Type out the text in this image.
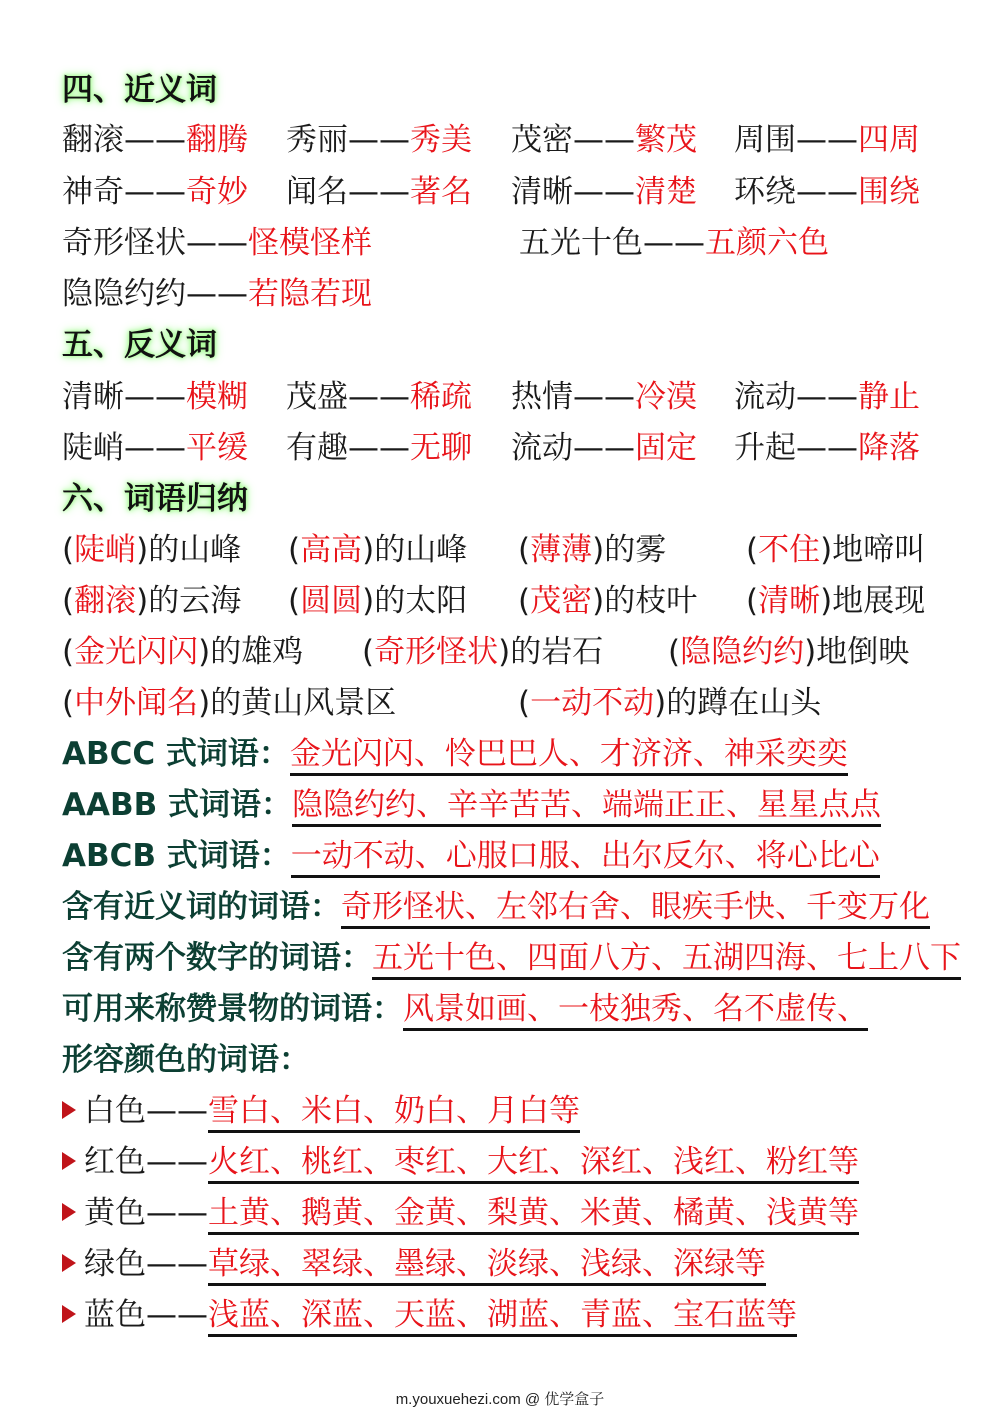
四、近义词
翻滚——翻腾 秀丽——秀美 茂密——繁茂 周围——四周
神奇——奇妙 闻名——著名 清晰——清楚 环绕——围绕
奇形怪状——怪模怪样	五光十色——五颜六色
隐隐约约——若隐若现
五、反义词
清晰——模糊 茂盛——稀疏 热情——冷漠 流动——静止
陡峭——平缓 有趣——无聊 流动——固定 升起——降落
六、词语归纳
(陡峭)的山峰 (高高)的山峰 (薄薄)的雾	(不住)地啼叫
(翻滚)的云海 (圆圆)的太阳 (茂密)的枝叶 (清晰)地展现
(金光闪闪)的雄鸡 (奇形怪状)的岩石 (隐隐约约)地倒映
(中外闻名)的黄山风景区	(一动不动)的蹲在山头
ABCC 式词语：金光闪闪、怜巴巴人、才济济、神采奕奕
AABB 式词语：隐隐约约、辛辛苦苦、端端正正、星星点点
ABCB 式词语：一动不动、心服口服、出尔反尔、将心比心
含有近义词的词语：奇形怪状、左邻右舍、眼疾手快、千变万化
含有两个数字的词语：五光十色、四面八方、五湖四海、七上八下
可用来称赞景物的词语：风景如画、一枝独秀、名不虚传、
形容颜色的词语：
白色——雪白、米白、奶白、月白等
红色——火红、桃红、枣红、大红、深红、浅红、粉红等
黄色——土黄、鹅黄、金黄、梨黄、米黄、橘黄、浅黄等
绿色——草绿、翠绿、墨绿、淡绿、浅绿、深绿等
蓝色——浅蓝、深蓝、天蓝、湖蓝、青蓝、宝石蓝等
m.youxuehezi.com @ 优学盒子
